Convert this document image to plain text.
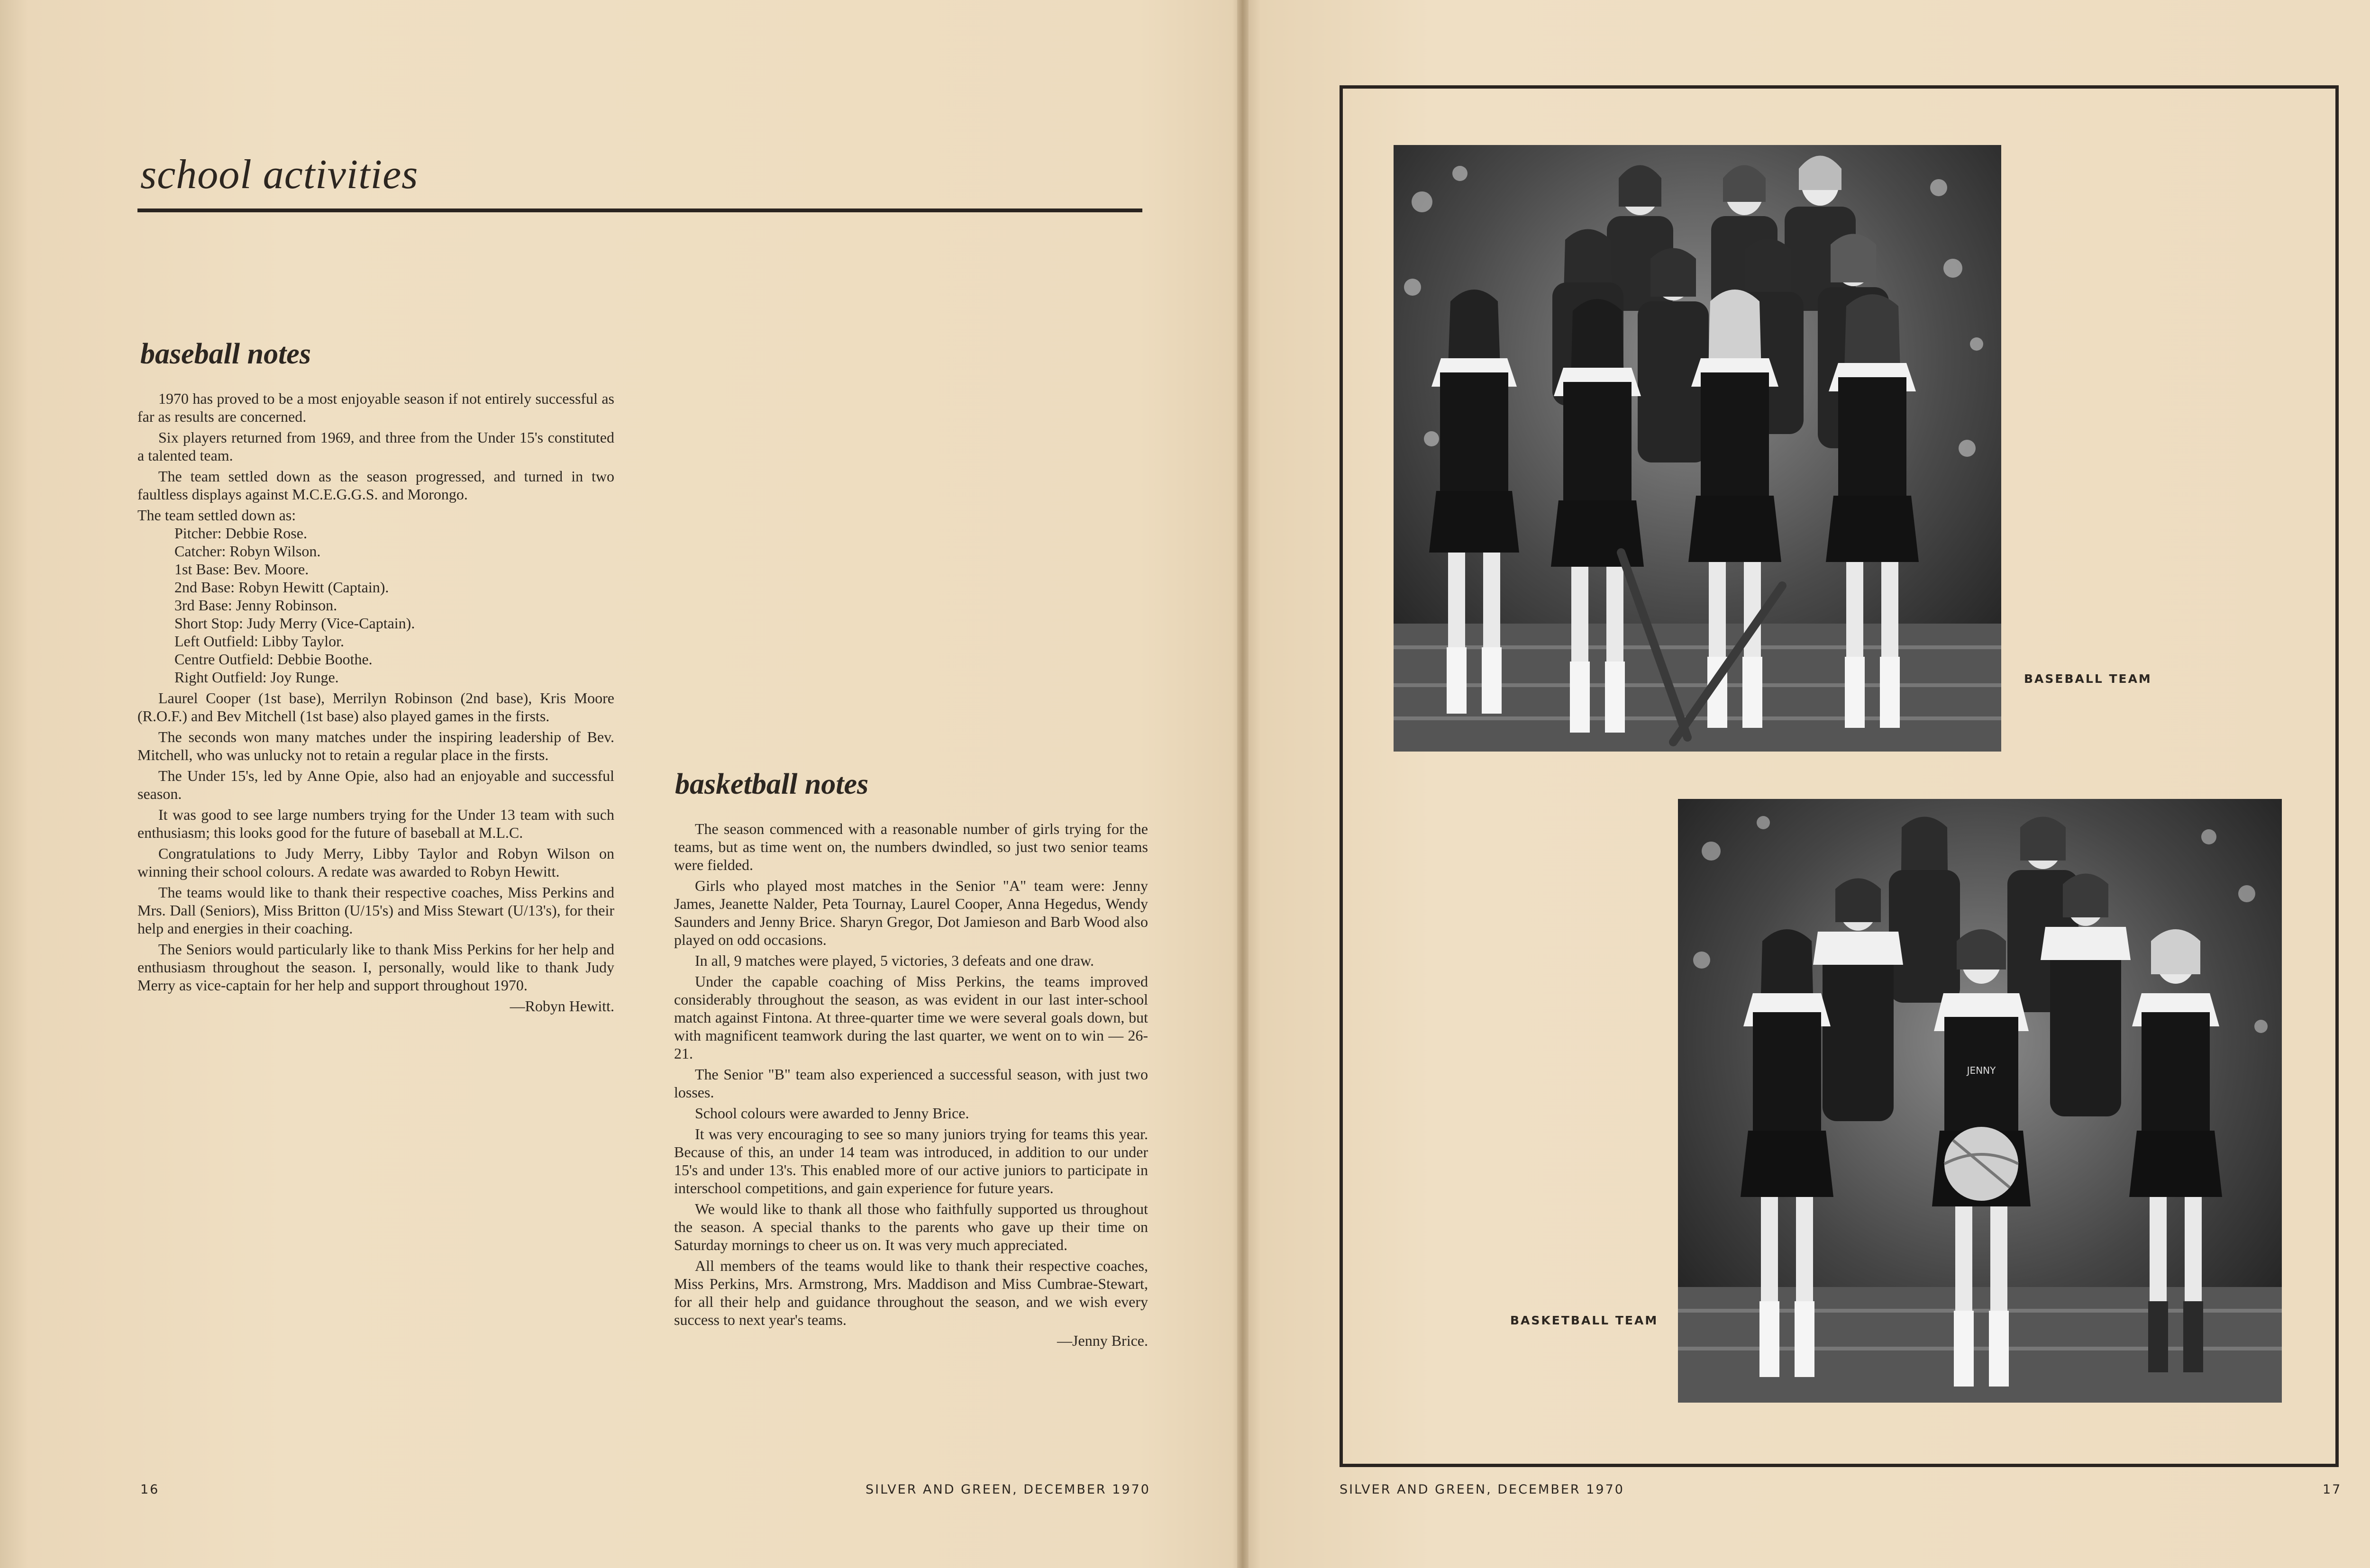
school activities
baseball notes

1970 has proved to be a most enjoyable season if not entirely successful as far as results are concerned.

Six players returned from 1969, and three from the Under 15's constituted a talented team.

The team settled down as the season progressed, and turned in two faultless displays against M.C.E.G.G.S. and Morongo.

The team settled down as:
Pitcher: Debbie Rose.
Catcher: Robyn Wilson.
1st Base: Bev. Moore.
2nd Base: Robyn Hewitt (Captain).
3rd Base: Jenny Robinson.
Short Stop: Judy Merry (Vice-Captain).
Left Outfield: Libby Taylor.
Centre Outfield: Debbie Boothe.
Right Outfield: Joy Runge.

Laurel Cooper (1st base), Merrilyn Robinson (2nd base), Kris Moore (R.O.F.) and Bev Mitchell (1st base) also played games in the firsts.

The seconds won many matches under the inspiring leadership of Bev. Mitchell, who was unlucky not to retain a regular place in the firsts.

The Under 15's, led by Anne Opie, also had an enjoyable and successful season.

It was good to see large numbers trying for the Under 13 team with such enthusiasm; this looks good for the future of baseball at M.L.C.

Congratulations to Judy Merry, Libby Taylor and Robyn Wilson on winning their school colours. A redate was awarded to Robyn Hewitt.

The teams would like to thank their respective coaches, Miss Perkins and Mrs. Dall (Seniors), Miss Britton (U/15's) and Miss Stewart (U/13's), for their help and energies in their coaching.

The Seniors would particularly like to thank Miss Perkins for her help and enthusiasm throughout the season. I, personally, would like to thank Judy Merry as vice-captain for her help and support throughout 1970.

—Robyn Hewitt.

basketball notes

The season commenced with a reasonable number of girls trying for the teams, but as time went on, the numbers dwindled, so just two senior teams were fielded.

Girls who played most matches in the Senior "A" team were: Jenny James, Jeanette Nalder, Peta Tournay, Laurel Cooper, Anna Hegedus, Wendy Saunders and Jenny Brice. Sharyn Gregor, Dot Jamieson and Barb Wood also played on odd occasions.

In all, 9 matches were played, 5 victories, 3 defeats and one draw.

Under the capable coaching of Miss Perkins, the teams improved considerably throughout the season, as was evident in our last inter-school match against Fintona. At three-quarter time we were several goals down, but with magnificent teamwork during the last quarter, we went on to win — 26-21.

The Senior "B" team also experienced a successful season, with just two losses.

School colours were awarded to Jenny Brice.

It was very encouraging to see so many juniors trying for teams this year. Because of this, an under 14 team was introduced, in addition to our under 15's and under 13's. This enabled more of our active juniors to participate in interschool competitions, and gain experience for future years.

We would like to thank all those who faithfully supported us throughout the season. A special thanks to the parents who gave up their time on Saturday mornings to cheer us on. It was very much appreciated.

All members of the teams would like to thank their respective coaches, Miss Perkins, Mrs. Armstrong, Mrs. Maddison and Miss Cumbrae-Stewart, for all their help and guidance throughout the season, and we wish every success to next year's teams.

—Jenny Brice.

16	SILVER AND GREEN, DECEMBER 1970
BASEBALL TEAM
JENNY
BASKETBALL TEAM
SILVER AND GREEN, DECEMBER 1970	17
